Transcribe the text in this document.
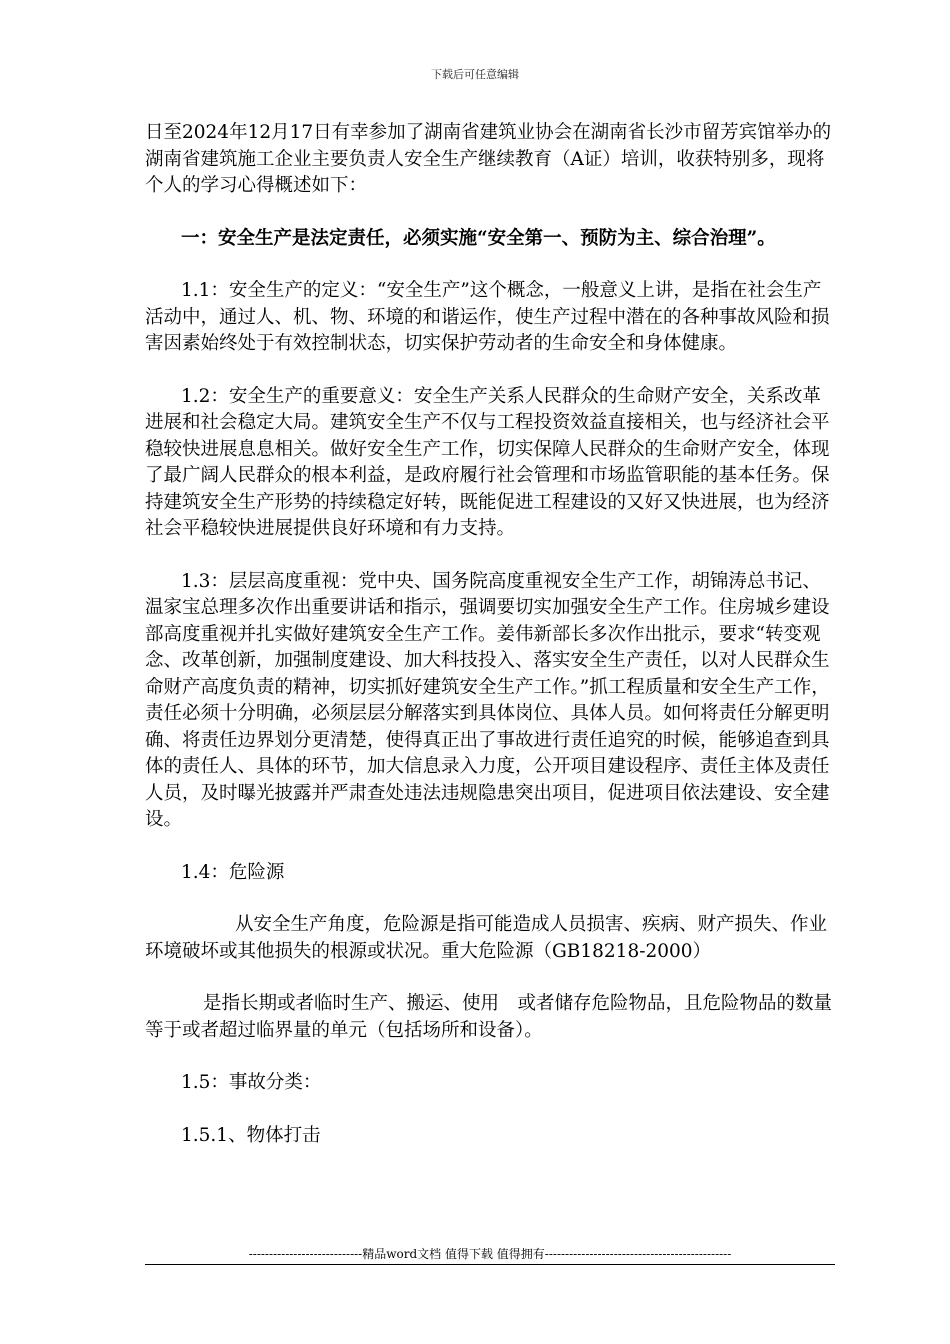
下载后可任意编辑

日至2024年12月17日有幸参加了湖南省建筑业协会在湖南省长沙市留芳宾馆举办的湖南省建筑施工企业主要负责人安全生产继续教育（A证）培训，收获特别多，现将个人的学习心得概述如下：

一：安全生产是法定责任，必须实施“安全第一、预防为主、综合治理”。

1.1：安全生产的定义：“安全生产”这个概念，一般意义上讲，是指在社会生产活动中，通过人、机、物、环境的和谐运作，使生产过程中潜在的各种事故风险和损害因素始终处于有效控制状态，切实保护劳动者的生命安全和身体健康。

1.2：安全生产的重要意义：安全生产关系人民群众的生命财产安全，关系改革进展和社会稳定大局。建筑安全生产不仅与工程投资效益直接相关，也与经济社会平稳较快进展息息相关。做好安全生产工作，切实保障人民群众的生命财产安全，体现了最广阔人民群众的根本利益，是政府履行社会管理和市场监管职能的基本任务。保持建筑安全生产形势的持续稳定好转，既能促进工程建设的又好又快进展，也为经济社会平稳较快进展提供良好环境和有力支持。

1.3：层层高度重视：党中央、国务院高度重视安全生产工作，胡锦涛总书记、温家宝总理多次作出重要讲话和指示，强调要切实加强安全生产工作。住房城乡建设部高度重视并扎实做好建筑安全生产工作。姜伟新部长多次作出批示，要求“转变观念、改革创新，加强制度建设、加大科技投入、落实安全生产责任，以对人民群众生命财产高度负责的精神，切实抓好建筑安全生产工作。”抓工程质量和安全生产工作，责任必须十分明确，必须层层分解落实到具体岗位、具体人员。如何将责任分解更明确、将责任边界划分更清楚，使得真正出了事故进行责任追究的时候，能够追查到具体的责任人、具体的环节，加大信息录入力度，公开项目建设程序、责任主体及责任人员，及时曝光披露并严肃查处违法违规隐患突出项目，促进项目依法建设、安全建设。

1.4：危险源

从安全生产角度，危险源是指可能造成人员损害、疾病、财产损失、作业环境破坏或其他损失的根源或状况。重大危险源（GB18218-2000）

是指长期或者临时生产、搬运、使用　或者储存危险物品，且危险物品的数量等于或者超过临界量的单元（包括场所和设备）。

1.5：事故分类：

1.5.1、物体打击

----------------------------精品word文档 值得下载 值得拥有----------------------------------------------
